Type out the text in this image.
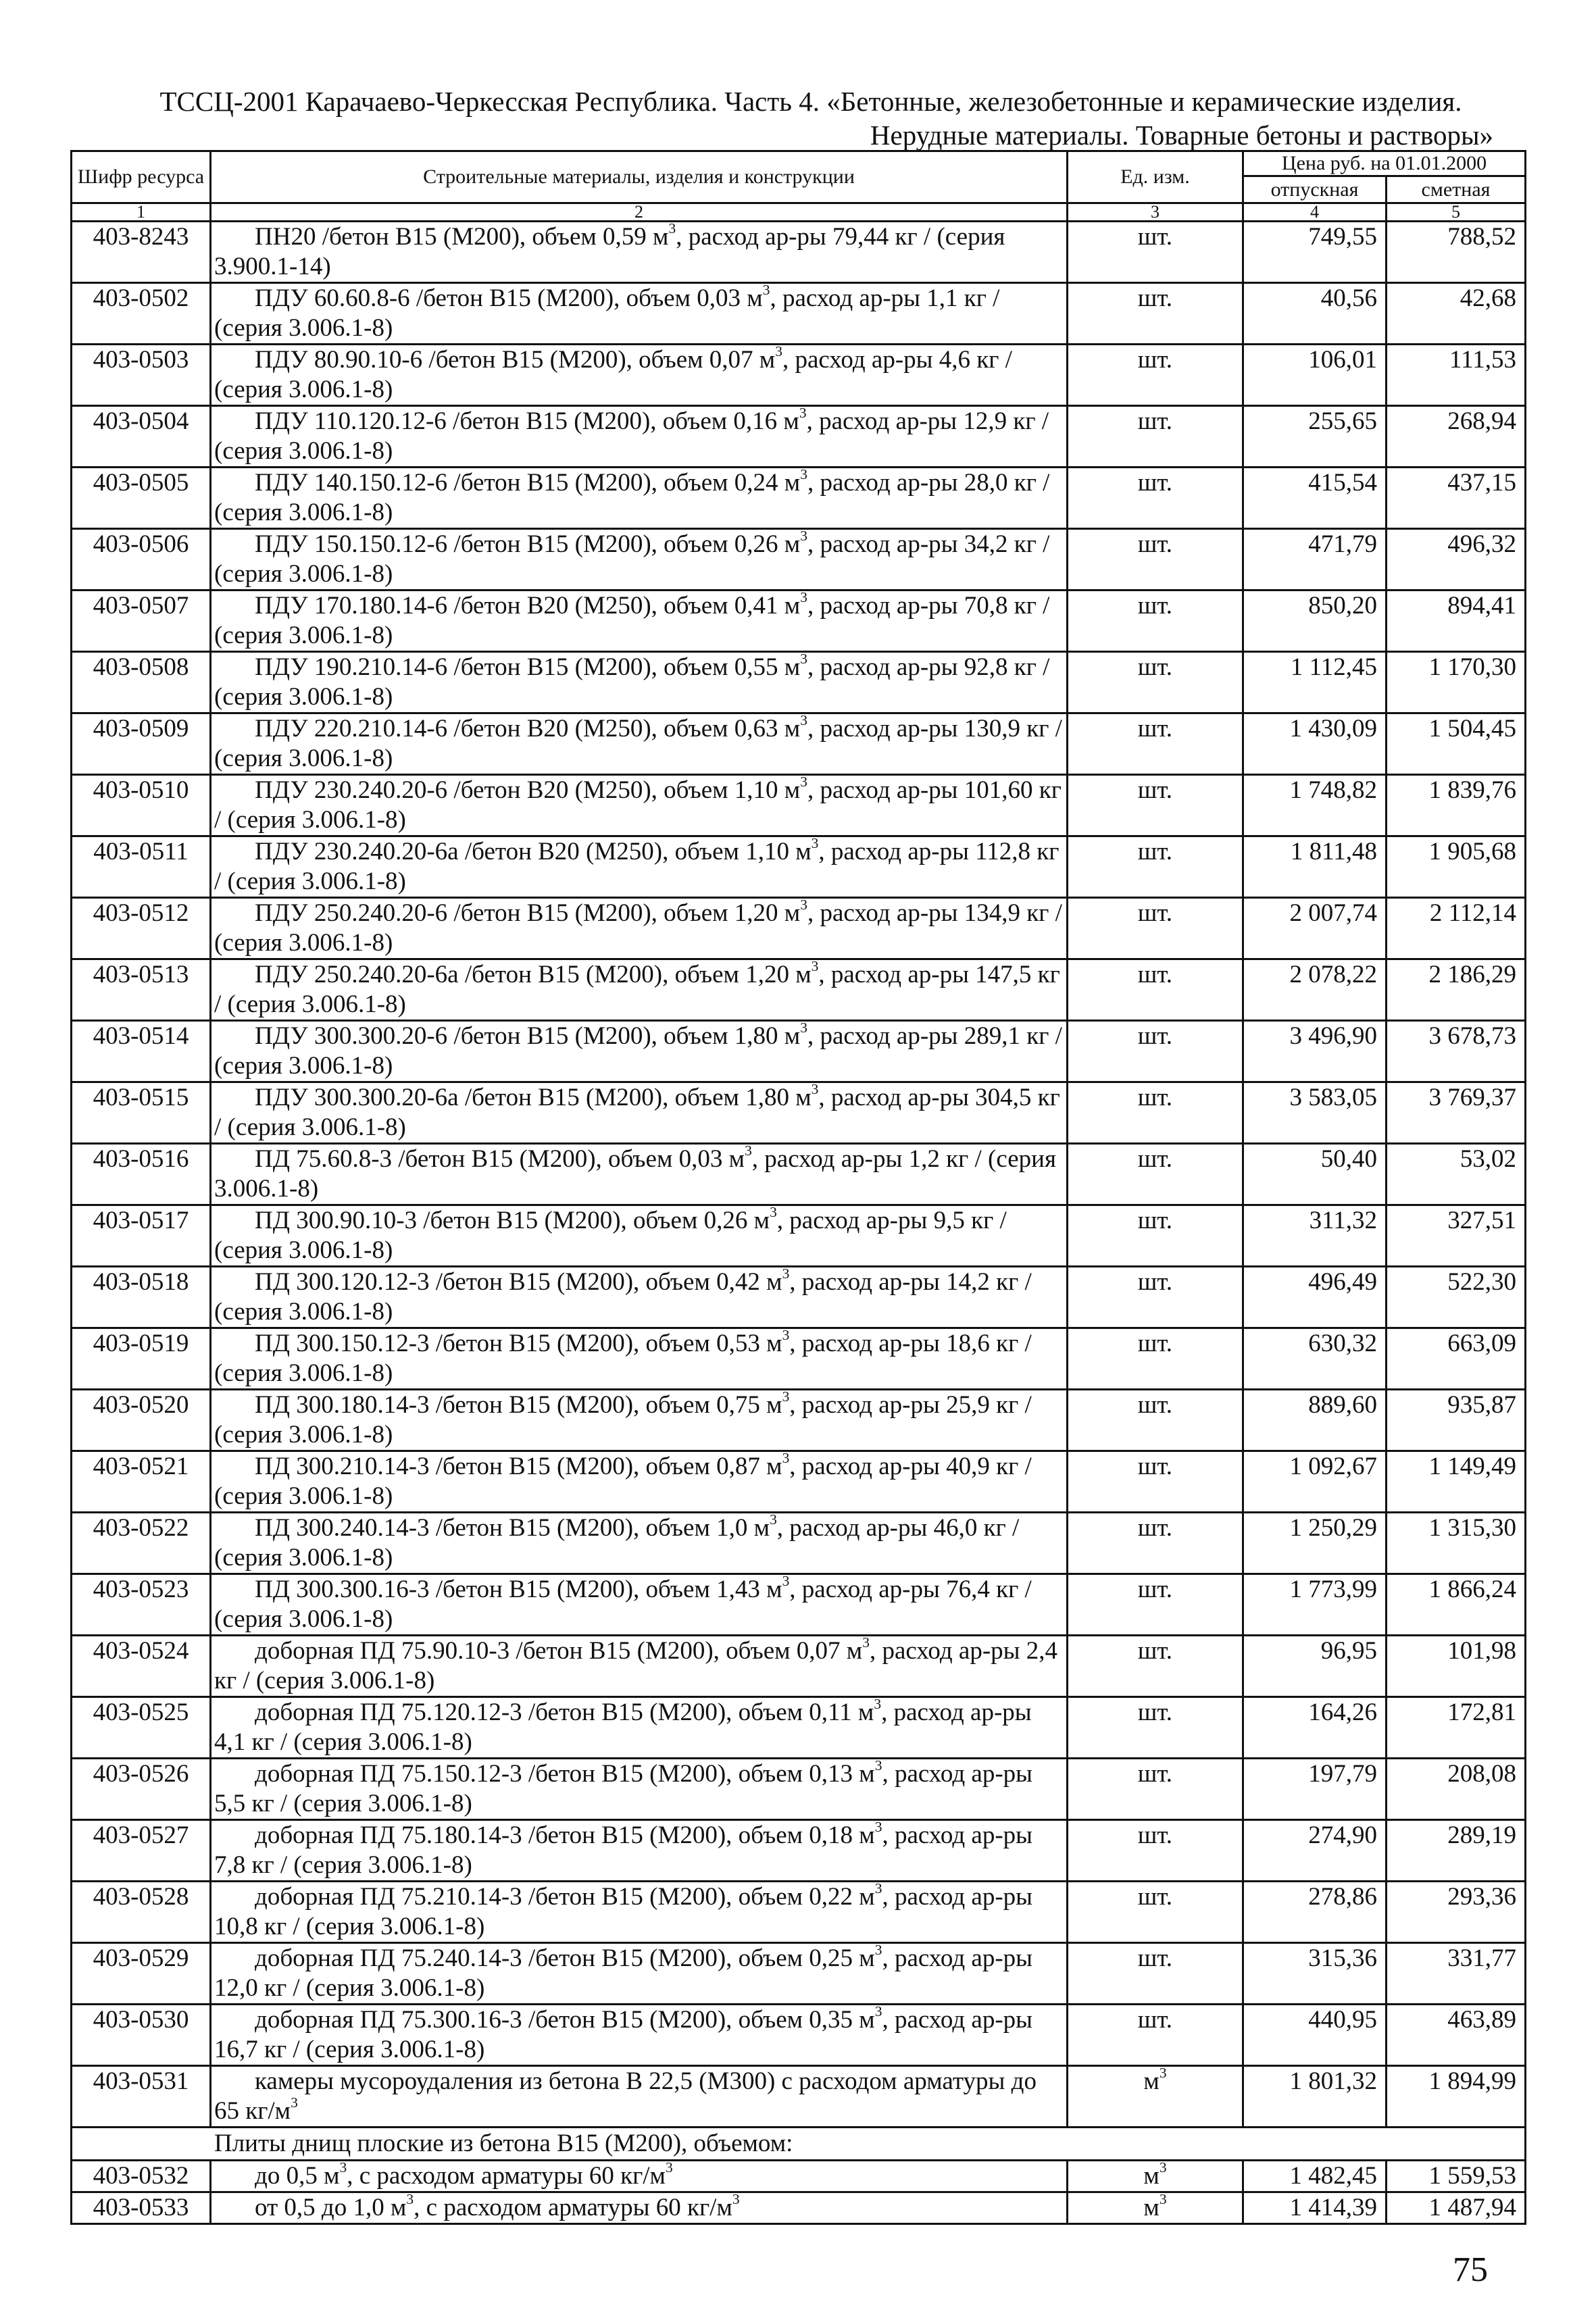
ТССЦ-2001 Карачаево-Черкесская Республика. Часть 4. «Бетонные, железобетонные и керамические изделия.
Нерудные материалы. Товарные бетоны и растворы»
Шифр ресурса	Строительные материалы, изделия и конструкции	Ед. изм.	Цена руб. на 01.01.2000	
			отпускная	сметная
1	2	3	4	5
403-8243	ПН20 /бетон В15 (М200), объем 0,59 $м^3$, расход ар-ры 79,44 кг / (серия 3.900.1-14)	шт.	749,55	788,52
403-0502	ПДУ 60.60.8-6 /бетон В15 (М200), объем 0,03 $м^3$, расход ар-ры 1,1 кг / (серия 3.006.1-8)	шт.	40,56	42,68
403-0503	ПДУ 80.90.10-6 /бетон В15 (М200), объем 0,07 $м^3$, расход ар-ры 4,6 кг / (серия 3.006.1-8)	шт.	106,01	111,53
403-0504	ПДУ 110.120.12-6 /бетон В15 (М200), объем 0,16 $м^3$, расход ар-ры 12,9 кг / (серия 3.006.1-8)	шт.	255,65	268,94
403-0505	ПДУ 140.150.12-6 /бетон В15 (М200), объем 0,24 $м^3$, расход ар-ры 28,0 кг / (серия 3.006.1-8)	шт.	415,54	437,15
403-0506	ПДУ 150.150.12-6 /бетон В15 (М200), объем 0,26 $м^3$, расход ар-ры 34,2 кг / (серия 3.006.1-8)	шт.	471,79	496,32
403-0507	ПДУ 170.180.14-6 /бетон В20 (М250), объем 0,41 $м^3$, расход ар-ры 70,8 кг / (серия 3.006.1-8)	шт.	850,20	894,41
403-0508	ПДУ 190.210.14-6 /бетон В15 (М200), объем 0,55 $м^3$, расход ар-ры 92,8 кг / (серия 3.006.1-8)	шт.	1 112,45	1 170,30
403-0509	ПДУ 220.210.14-6 /бетон В20 (М250), объем 0,63 $м^3$, расход ар-ры 130,9 кг / (серия 3.006.1-8)	шт.	1 430,09	1 504,45
403-0510	ПДУ 230.240.20-6 /бетон В20 (М250), объем 1,10 $м^3$, расход ар-ры 101,60 кг / (серия 3.006.1-8)	шт.	1 748,82	1 839,76
403-0511	ПДУ 230.240.20-6а /бетон В20 (М250), объем 1,10 $м^3$, расход ар-ры 112,8 кг / (серия 3.006.1-8)	шт.	1 811,48	1 905,68
403-0512	ПДУ 250.240.20-6 /бетон В15 (М200), объем 1,20 $м^3$, расход ар-ры 134,9 кг / (серия 3.006.1-8)	шт.	2 007,74	2 112,14
403-0513	ПДУ 250.240.20-6а /бетон В15 (М200), объем 1,20 $м^3$, расход ар-ры 147,5 кг / (серия 3.006.1-8)	шт.	2 078,22	2 186,29
403-0514	ПДУ 300.300.20-6 /бетон В15 (М200), объем 1,80 $м^3$, расход ар-ры 289,1 кг / (серия 3.006.1-8)	шт.	3 496,90	3 678,73
403-0515	ПДУ 300.300.20-6а /бетон В15 (М200), объем 1,80 $м^3$, расход ар-ры 304,5 кг / (серия 3.006.1-8)	шт.	3 583,05	3 769,37
403-0516	ПД 75.60.8-3 /бетон В15 (М200), объем 0,03 $м^3$, расход ар-ры 1,2 кг / (серия 3.006.1-8)	шт.	50,40	53,02
403-0517	ПД 300.90.10-3 /бетон В15 (М200), объем 0,26 $м^3$, расход ар-ры 9,5 кг / (серия 3.006.1-8)	шт.	311,32	327,51
403-0518	ПД 300.120.12-3 /бетон В15 (М200), объем 0,42 $м^3$, расход ар-ры 14,2 кг / (серия 3.006.1-8)	шт.	496,49	522,30
403-0519	ПД 300.150.12-3 /бетон В15 (М200), объем 0,53 $м^3$, расход ар-ры 18,6 кг / (серия 3.006.1-8)	шт.	630,32	663,09
403-0520	ПД 300.180.14-3 /бетон В15 (М200), объем 0,75 $м^3$, расход ар-ры 25,9 кг / (серия 3.006.1-8)	шт.	889,60	935,87
403-0521	ПД 300.210.14-3 /бетон В15 (М200), объем 0,87 $м^3$, расход ар-ры 40,9 кг / (серия 3.006.1-8)	шт.	1 092,67	1 149,49
403-0522	ПД 300.240.14-3 /бетон В15 (М200), объем 1,0 $м^3$, расход ар-ры 46,0 кг / (серия 3.006.1-8)	шт.	1 250,29	1 315,30
403-0523	ПД 300.300.16-3 /бетон В15 (М200), объем 1,43 $м^3$, расход ар-ры 76,4 кг / (серия 3.006.1-8)	шт.	1 773,99	1 866,24
403-0524	доборная ПД 75.90.10-3 /бетон В15 (М200), объем 0,07 $м^3$, расход ар-ры 2,4 кг / (серия 3.006.1-8)	шт.	96,95	101,98
403-0525	доборная ПД 75.120.12-3 /бетон В15 (М200), объем 0,11 $м^3$, расход ар-ры 4,1 кг / (серия 3.006.1-8)	шт.	164,26	172,81
403-0526	доборная ПД 75.150.12-3 /бетон В15 (М200), объем 0,13 $м^3$, расход ар-ры 5,5 кг / (серия 3.006.1-8)	шт.	197,79	208,08
403-0527	доборная ПД 75.180.14-3 /бетон В15 (М200), объем 0,18 $м^3$, расход ар-ры 7,8 кг / (серия 3.006.1-8)	шт.	274,90	289,19
403-0528	доборная ПД 75.210.14-3 /бетон В15 (М200), объем 0,22 $м^3$, расход ар-ры 10,8 кг / (серия 3.006.1-8)	шт.	278,86	293,36
403-0529	доборная ПД 75.240.14-3 /бетон В15 (М200), объем 0,25 $м^3$, расход ар-ры 12,0 кг / (серия 3.006.1-8)	шт.	315,36	331,77
403-0530	доборная ПД 75.300.16-3 /бетон В15 (М200), объем 0,35 $м^3$, расход ар-ры 16,7 кг / (серия 3.006.1-8)	шт.	440,95	463,89
403-0531	камеры мусороудаления из бетона В 22,5 (М300) с расходом арматуры до 65 $кг/м^3$	$м^3$	1 801,32	1 894,99
Плиты днищ плоские из бетона В15 (М200), объемом:				
403-0532	до 0,5 $м^3$, с расходом арматуры 60 $кг/м^3$	$м^3$	1 482,45	1 559,53
403-0533	от 0,5 до 1,0 $м^3$, с расходом арматуры 60 $кг/м^3$	$м^3$	1 414,39	1 487,94
75
